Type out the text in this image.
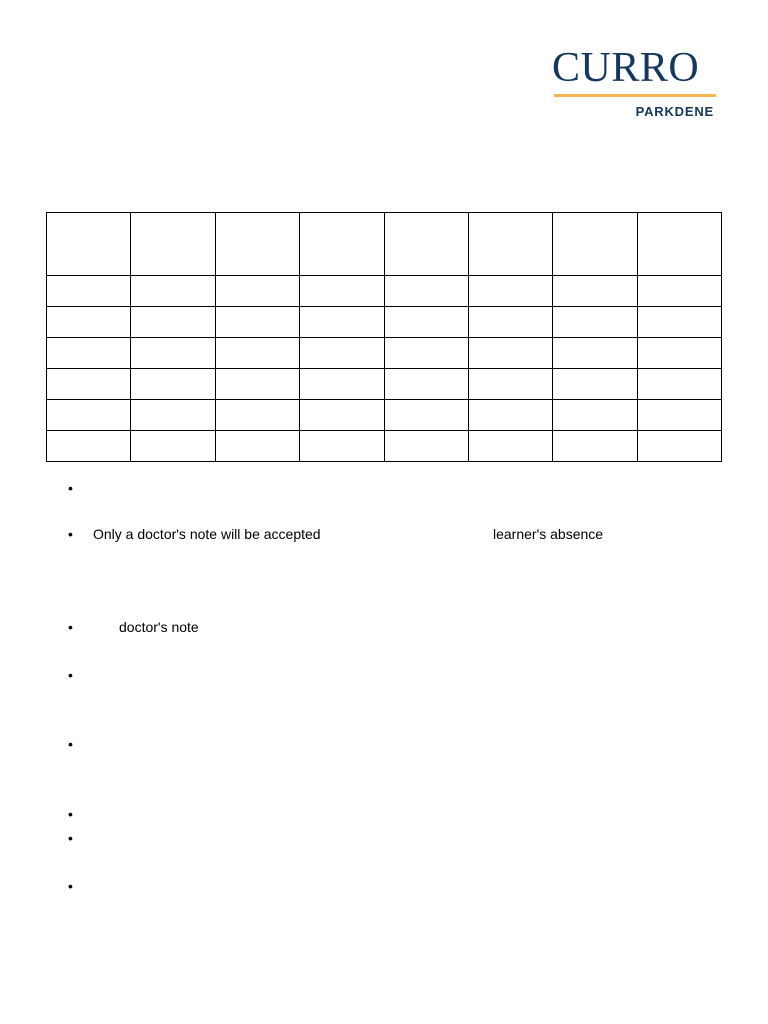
CURRO
PARKDENE

•
• Only a doctor's note will be accepted	learner's absence
•	doctor's note
•
•
•
•
•
